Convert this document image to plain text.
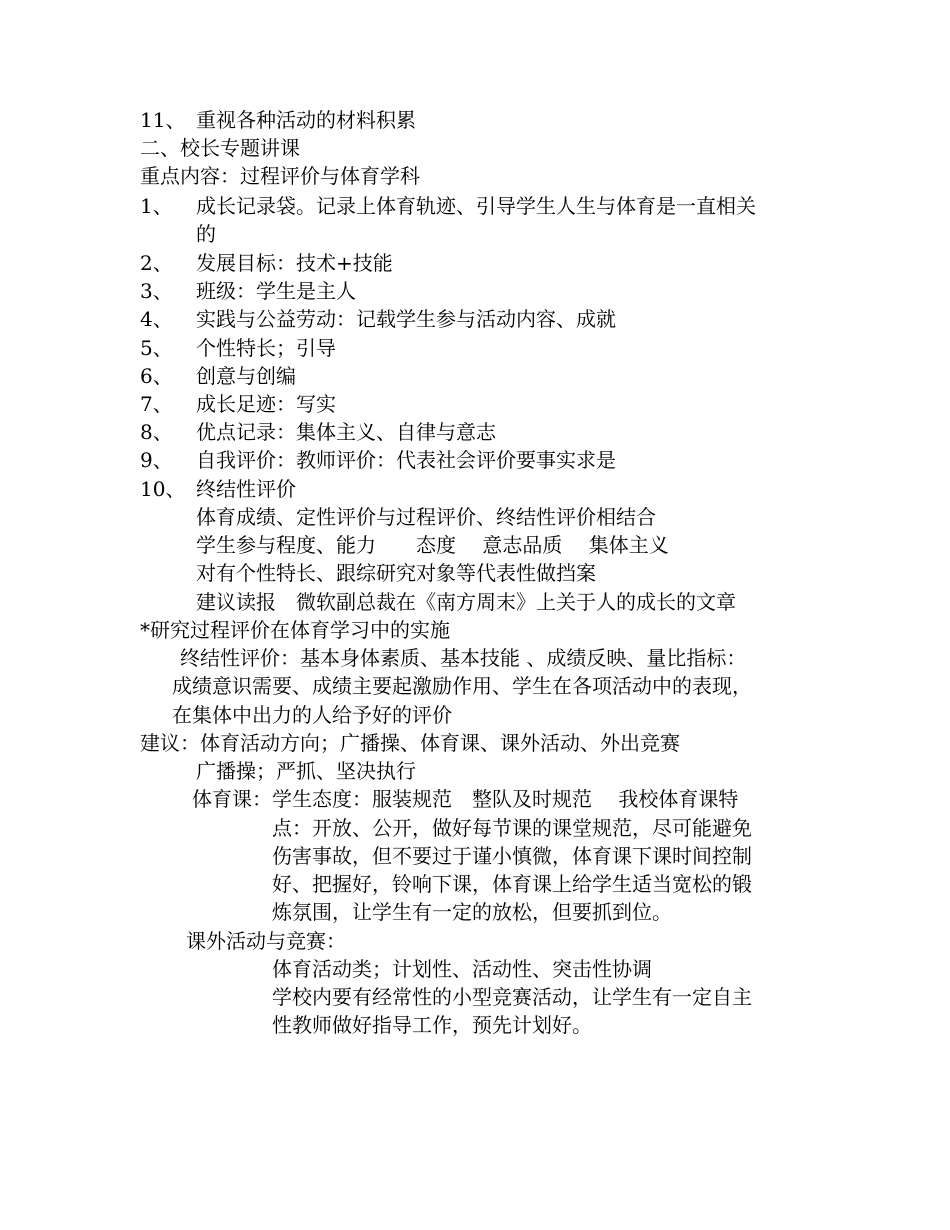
11、 重视各种活动的材料积累
二、校长专题讲课
重点内容：过程评价与体育学科
1、 成长记录袋。记录上体育轨迹、引导学生人生与体育是一直相关
的
2、 发展目标：技术+技能
3、 班级：学生是主人
4、 实践与公益劳动：记载学生参与活动内容、成就
5、 个性特长；引导
6、 创意与创编
7、 成长足迹：写实
8、 优点记录：集体主义、自律与意志
9、 自我评价：教师评价：代表社会评价要事实求是
10、 终结性评价
体育成绩、定性评价与过程评价、终结性评价相结合
学生参与程度、能力　　态度　 意志品质　 集体主义
对有个性特长、跟综研究对象等代表性做挡案
建议读报　微软副总裁在《南方周末》上关于人的成长的文章
*研究过程评价在体育学习中的实施
终结性评价：基本身体素质、基本技能 、成绩反映、量比指标：
成绩意识需要、成绩主要起激励作用、学生在各项活动中的表现，
在集体中出力的人给予好的评价
建议：体育活动方向；广播操、体育课、课外活动、外出竞赛
广播操；严抓、坚决执行
体育课：学生态度：服装规范　整队及时规范　 我校体育课特
点：开放、公开，做好每节课的课堂规范，尽可能避免
伤害事故，但不要过于谨小慎微，体育课下课时间控制
好、把握好，铃响下课，体育课上给学生适当宽松的锻
炼氛围，让学生有一定的放松，但要抓到位。
课外活动与竞赛：
体育活动类；计划性、活动性、突击性协调
学校内要有经常性的小型竞赛活动，让学生有一定自主
性教师做好指导工作，预先计划好。
